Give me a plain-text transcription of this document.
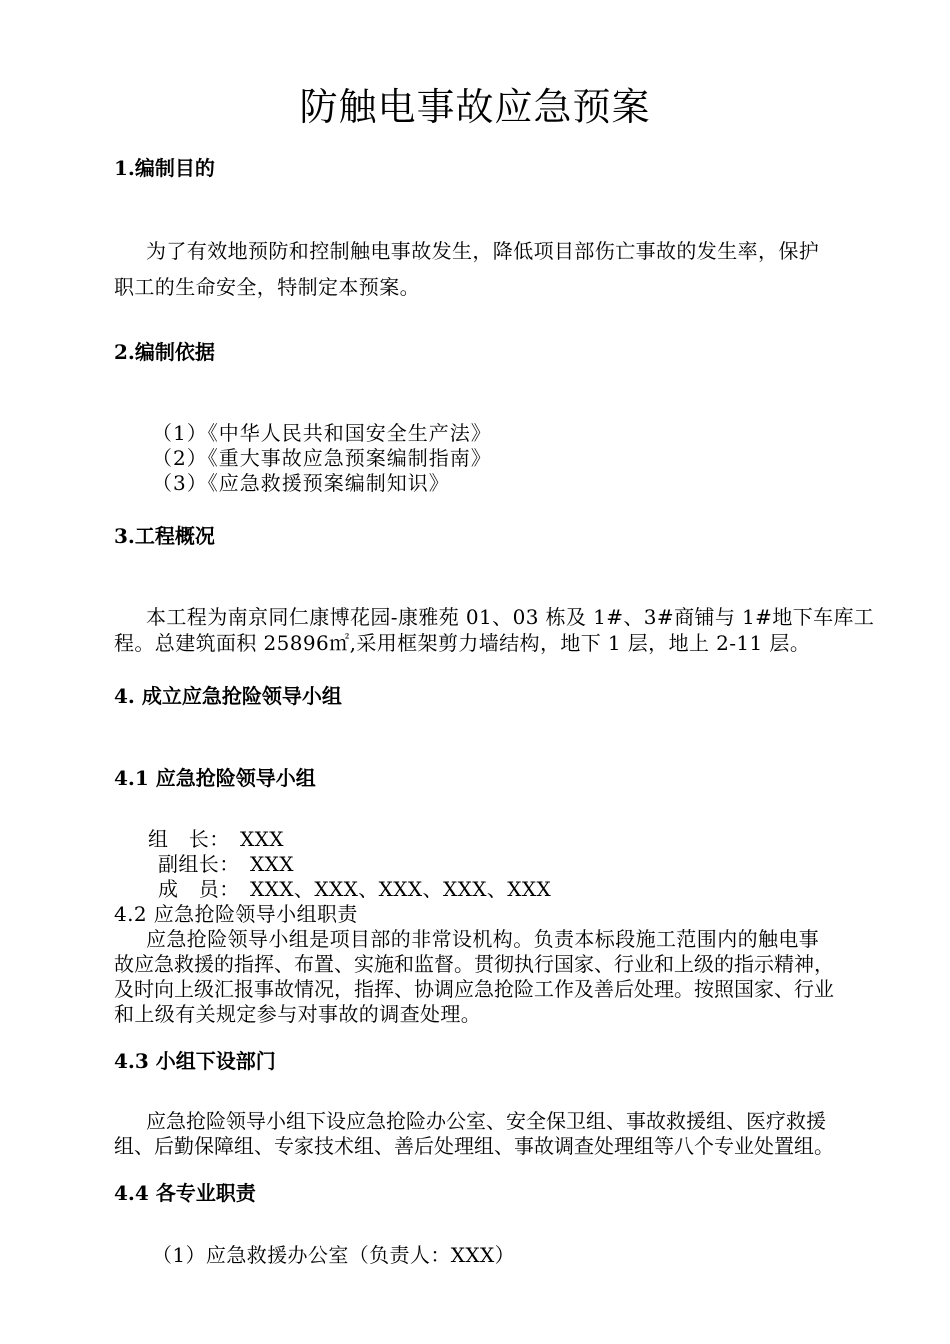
防触电事故应急预案
1.编制目的
为了有效地预防和控制触电事故发生，降低项目部伤亡事故的发生率，保护
职工的生命安全，特制定本预案。
2.编制依据
（1）《中华人民共和国安全生产法》
（2）《重大事故应急预案编制指南》
（3）《应急救援预案编制知识》
3.工程概况
本工程为南京同仁康博花园-康雅苑 01、03 栋及 1#、3#商铺与 1#地下车库工
程。总建筑面积 25896㎡,采用框架剪力墙结构，地下 1 层，地上 2-11 层。
4. 成立应急抢险领导小组
4.1 应急抢险领导小组
组　长：　XXX
副组长：　XXX
成　员：　XXX、XXX、XXX、XXX、XXX
4.2 应急抢险领导小组职责
应急抢险领导小组是项目部的非常设机构。负责本标段施工范围内的触电事
故应急救援的指挥、布置、实施和监督。贯彻执行国家、行业和上级的指示精神，
及时向上级汇报事故情况，指挥、协调应急抢险工作及善后处理。按照国家、行业
和上级有关规定参与对事故的调查处理。
4.3 小组下设部门
应急抢险领导小组下设应急抢险办公室、安全保卫组、事故救援组、医疗救援
组、后勤保障组、专家技术组、善后处理组、事故调查处理组等八个专业处置组。
4.4 各专业职责
（1）应急救援办公室（负责人：XXX）
